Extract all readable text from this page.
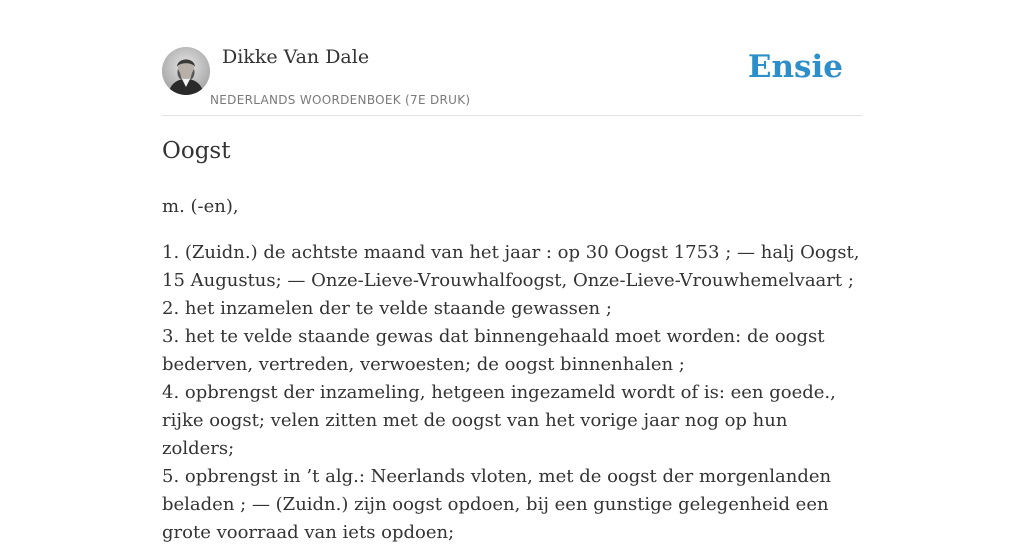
Dikke Van Dale
NEDERLANDS WOORDENBOEK (7E DRUK)
Ensie
Oogst

m. (-en),

1. (Zuidn.) de achtste maand van het jaar : op 30 Oogst 1753 ; — halj Oogst, 15 Augustus; — Onze-Lieve-Vrouwhalfoogst, Onze-Lieve-Vrouwhemelvaart ;
2. het inzamelen der te velde staande gewassen ;
3. het te velde staande gewas dat binnengehaald moet worden: de oogst bederven, vertreden, verwoesten; de oogst binnenhalen ;
4. opbrengst der inzameling, hetgeen ingezameld wordt of is: een goede., rijke oogst; velen zitten met de oogst van het vorige jaar nog op hun zolders;
5. opbrengst in ’t alg.: Neerlands vloten, met de oogst der morgenlanden beladen ; — (Zuidn.) zijn oogst opdoen, bij een gunstige gelegenheid een grote voorraad van iets opdoen;
